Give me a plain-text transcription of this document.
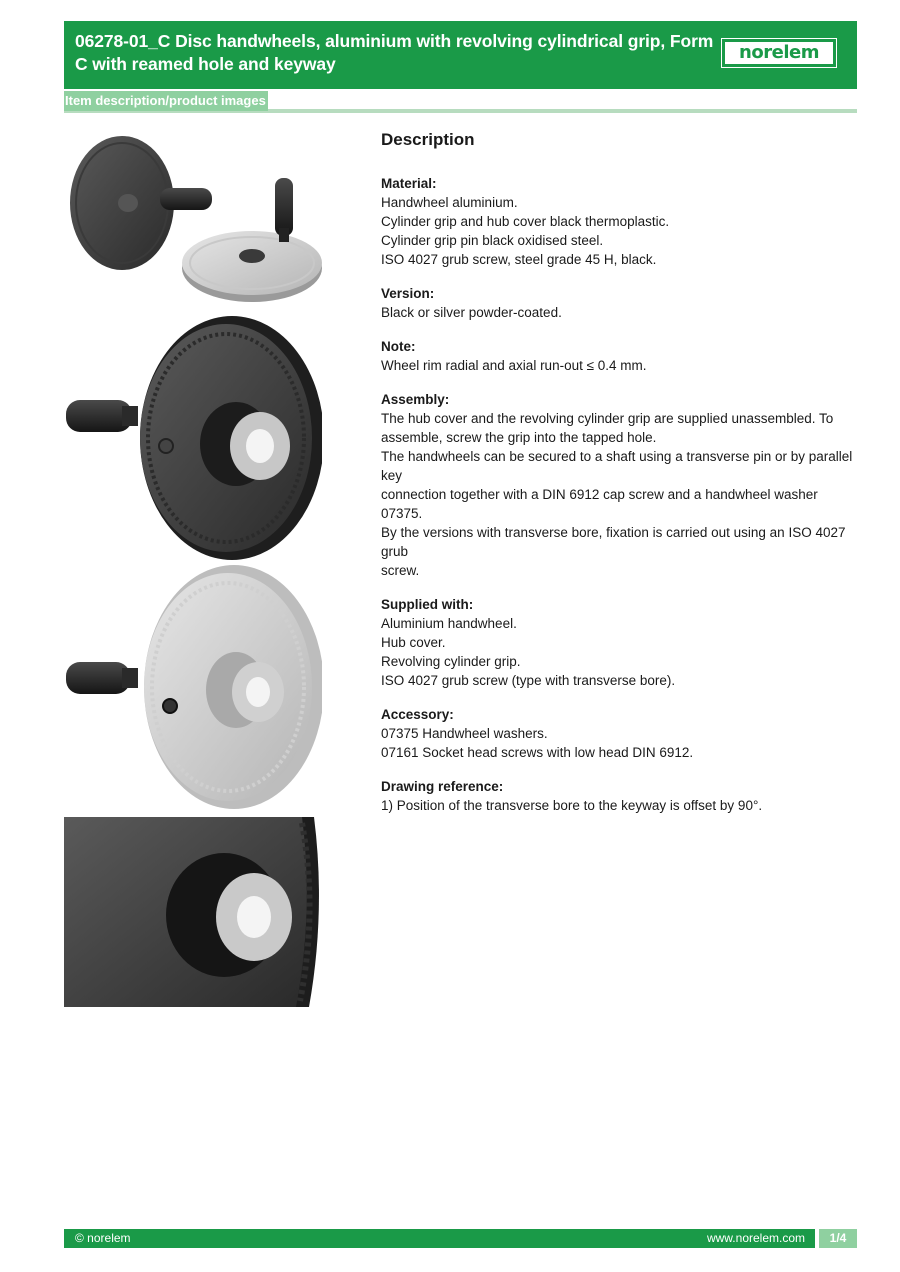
06278-01_C Disc handwheels, aluminium with revolving cylindrical grip, Form C with reamed hole and keyway
norelem
Item description/product images
Description
Material:
Handwheel aluminium.
Cylinder grip and hub cover black thermoplastic.
Cylinder grip pin black oxidised steel.
ISO 4027 grub screw, steel grade 45 H, black.
Version:
Black or silver powder-coated.
Note:
Wheel rim radial and axial run-out ≤ 0.4 mm.
Assembly:
The hub cover and the revolving cylinder grip are supplied unassembled. To
assemble, screw the grip into the tapped hole.
The handwheels can be secured to a shaft using a transverse pin or by parallel key
connection together with a DIN 6912 cap screw and a handwheel washer 07375.
By the versions with transverse bore, fixation is carried out using an ISO 4027 grub
screw.
Supplied with:
Aluminium handwheel.
Hub cover.
Revolving cylinder grip.
ISO 4027 grub screw (type with transverse bore).
Accessory:
07375 Handwheel washers.
07161 Socket head screws with low head DIN 6912.
Drawing reference:
1) Position of the transverse bore to the keyway is offset by 90°.
© norelem	www.norelem.com	1/4
